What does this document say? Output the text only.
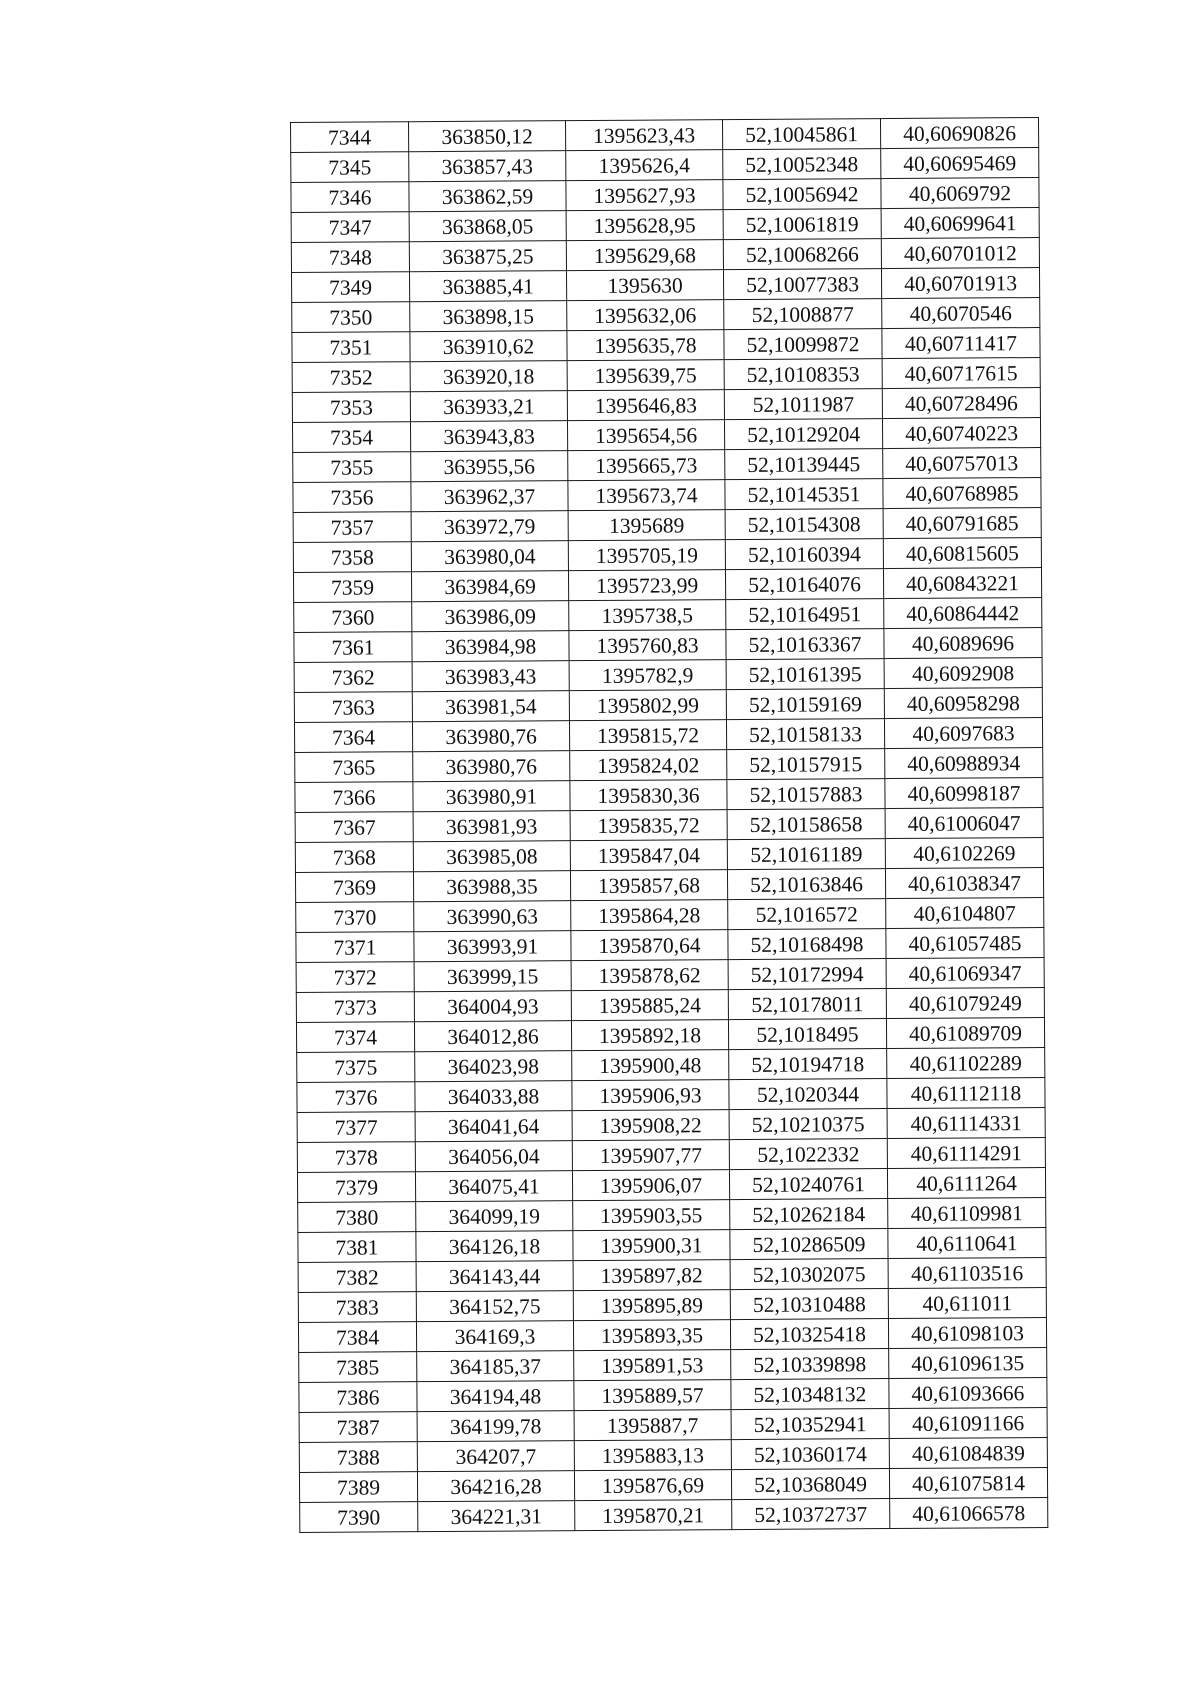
7344	363850,12	1395623,43	52,10045861	40,60690826
7345	363857,43	1395626,4	52,10052348	40,60695469
7346	363862,59	1395627,93	52,10056942	40,6069792
7347	363868,05	1395628,95	52,10061819	40,60699641
7348	363875,25	1395629,68	52,10068266	40,60701012
7349	363885,41	1395630	52,10077383	40,60701913
7350	363898,15	1395632,06	52,1008877	40,6070546
7351	363910,62	1395635,78	52,10099872	40,60711417
7352	363920,18	1395639,75	52,10108353	40,60717615
7353	363933,21	1395646,83	52,1011987	40,60728496
7354	363943,83	1395654,56	52,10129204	40,60740223
7355	363955,56	1395665,73	52,10139445	40,60757013
7356	363962,37	1395673,74	52,10145351	40,60768985
7357	363972,79	1395689	52,10154308	40,60791685
7358	363980,04	1395705,19	52,10160394	40,60815605
7359	363984,69	1395723,99	52,10164076	40,60843221
7360	363986,09	1395738,5	52,10164951	40,60864442
7361	363984,98	1395760,83	52,10163367	40,6089696
7362	363983,43	1395782,9	52,10161395	40,6092908
7363	363981,54	1395802,99	52,10159169	40,60958298
7364	363980,76	1395815,72	52,10158133	40,6097683
7365	363980,76	1395824,02	52,10157915	40,60988934
7366	363980,91	1395830,36	52,10157883	40,60998187
7367	363981,93	1395835,72	52,10158658	40,61006047
7368	363985,08	1395847,04	52,10161189	40,6102269
7369	363988,35	1395857,68	52,10163846	40,61038347
7370	363990,63	1395864,28	52,1016572	40,6104807
7371	363993,91	1395870,64	52,10168498	40,61057485
7372	363999,15	1395878,62	52,10172994	40,61069347
7373	364004,93	1395885,24	52,10178011	40,61079249
7374	364012,86	1395892,18	52,1018495	40,61089709
7375	364023,98	1395900,48	52,10194718	40,61102289
7376	364033,88	1395906,93	52,1020344	40,61112118
7377	364041,64	1395908,22	52,10210375	40,61114331
7378	364056,04	1395907,77	52,1022332	40,61114291
7379	364075,41	1395906,07	52,10240761	40,6111264
7380	364099,19	1395903,55	52,10262184	40,61109981
7381	364126,18	1395900,31	52,10286509	40,6110641
7382	364143,44	1395897,82	52,10302075	40,61103516
7383	364152,75	1395895,89	52,10310488	40,611011
7384	364169,3	1395893,35	52,10325418	40,61098103
7385	364185,37	1395891,53	52,10339898	40,61096135
7386	364194,48	1395889,57	52,10348132	40,61093666
7387	364199,78	1395887,7	52,10352941	40,61091166
7388	364207,7	1395883,13	52,10360174	40,61084839
7389	364216,28	1395876,69	52,10368049	40,61075814
7390	364221,31	1395870,21	52,10372737	40,61066578
